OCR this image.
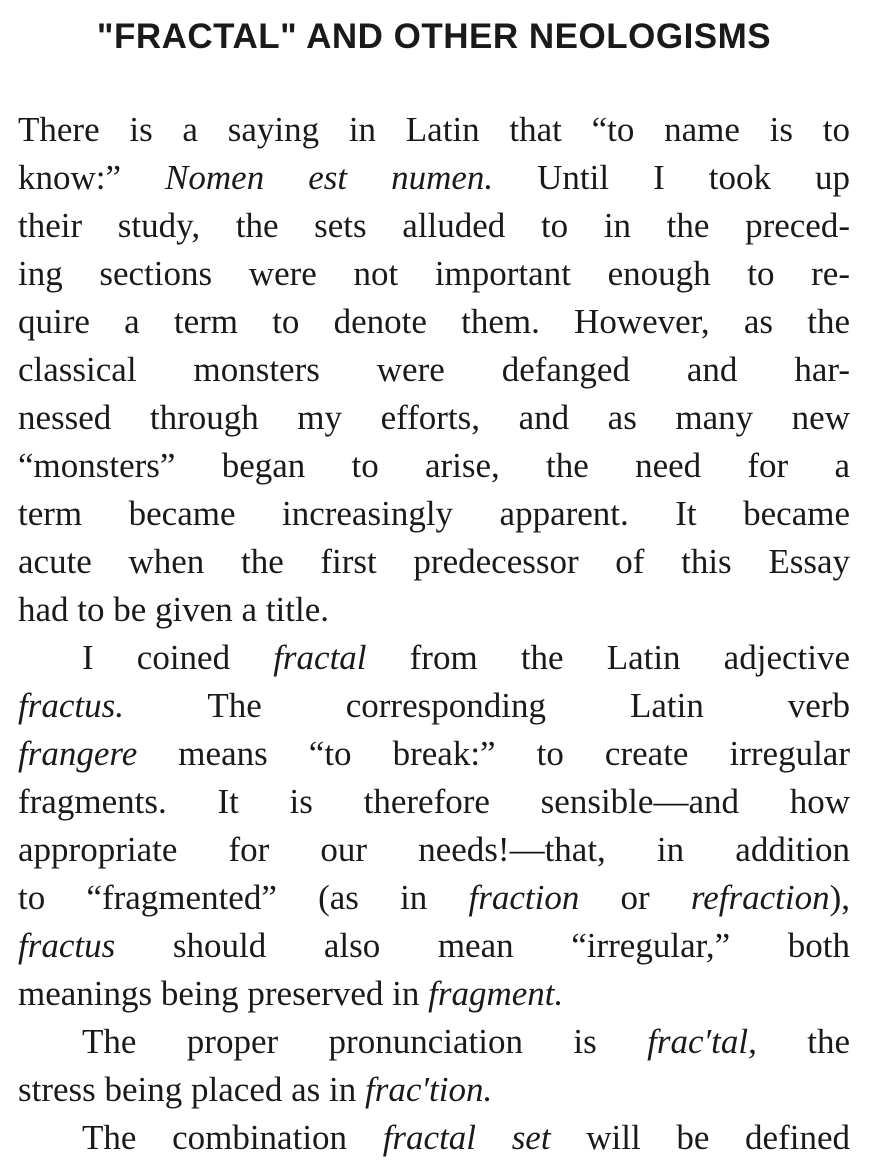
"FRACTAL" AND OTHER NEOLOGISMS
There is a saying in Latin that “to name is to
know:” Nomen est numen. Until I took up
their study, the sets alluded to in the preced-
ing sections were not important enough to re-
quire a term to denote them. However, as the
classical monsters were defanged and har-
nessed through my efforts, and as many new
“monsters” began to arise, the need for a
term became increasingly apparent. It became
acute when the first predecessor of this Essay
had to be given a title.
I coined fractal from the Latin adjective
fractus. The corresponding Latin verb
frangere means “to break:” to create irregular
fragments. It is therefore sensible—and how
appropriate for our needs!—that, in addition
to “fragmented” (as in fraction or refraction),
fractus should also mean “irregular,” both
meanings being preserved in fragment.
The proper pronunciation is frac′tal, the
stress being placed as in frac′tion.
The combination fractal set will be defined
